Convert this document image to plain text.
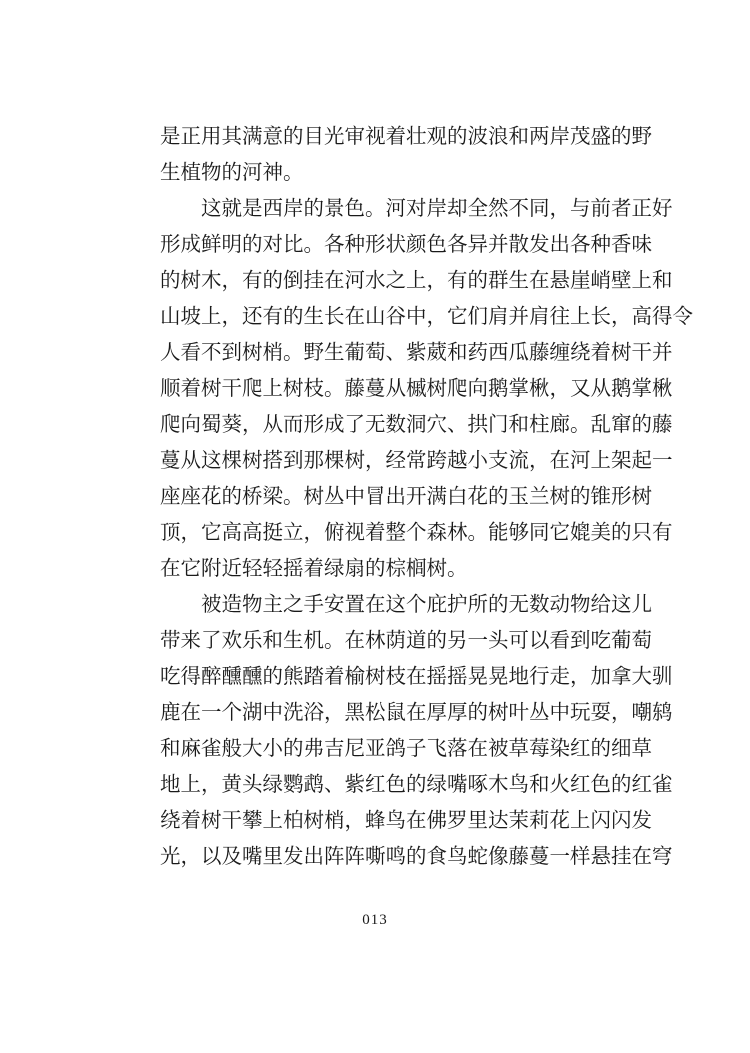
是正用其满意的目光审视着壮观的波浪和两岸茂盛的野
生植物的河神。
这就是西岸的景色。河对岸却全然不同，与前者正好
形成鲜明的对比。各种形状颜色各异并散发出各种香味
的树木，有的倒挂在河水之上，有的群生在悬崖峭壁上和
山坡上，还有的生长在山谷中，它们肩并肩往上长，高得令
人看不到树梢。野生葡萄、紫葳和药西瓜藤缠绕着树干并
顺着树干爬上树枝。藤蔓从槭树爬向鹅掌楸，又从鹅掌楸
爬向蜀葵，从而形成了无数洞穴、拱门和柱廊。乱窜的藤
蔓从这棵树搭到那棵树，经常跨越小支流，在河上架起一
座座花的桥梁。树丛中冒出开满白花的玉兰树的锥形树
顶，它高高挺立，俯视着整个森林。能够同它媲美的只有
在它附近轻轻摇着绿扇的棕榈树。
被造物主之手安置在这个庇护所的无数动物给这儿
带来了欢乐和生机。在林荫道的另一头可以看到吃葡萄
吃得醉醺醺的熊踏着榆树枝在摇摇晃晃地行走，加拿大驯
鹿在一个湖中洗浴，黑松鼠在厚厚的树叶丛中玩耍，嘲鸫
和麻雀般大小的弗吉尼亚鸽子飞落在被草莓染红的细草
地上，黄头绿鹦鹉、紫红色的绿嘴啄木鸟和火红色的红雀
绕着树干攀上柏树梢，蜂鸟在佛罗里达茉莉花上闪闪发
光，以及嘴里发出阵阵嘶鸣的食鸟蛇像藤蔓一样悬挂在穹
013
